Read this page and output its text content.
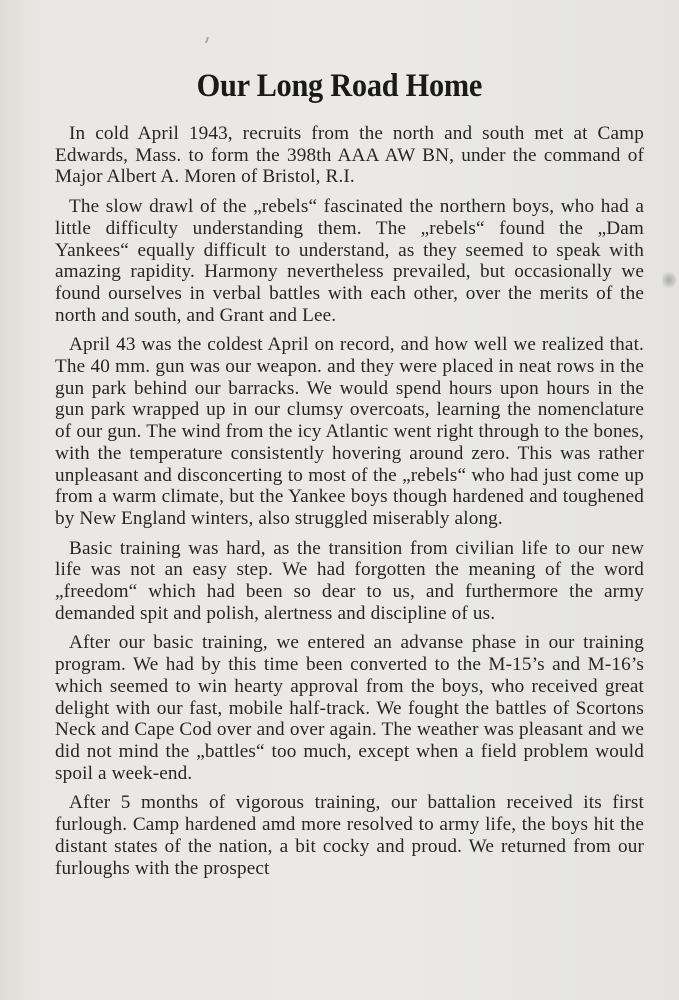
Our Long Road Home

In cold April 1943, recruits from the north and south met at Camp Edwards, Mass. to form the 398th AAA AW BN, under the command of Major Albert A. Moren of Bristol, R.I.

The slow drawl of the „rebels“ fascinated the northern boys, who had a little difficulty understanding them. The „rebels“ found the „Dam Yankees“ equally difficult to understand, as they seemed to speak with amazing rapidity. Harmony nevertheless prevailed, but occasionally we found ourselves in verbal battles with each other, over the merits of the north and south, and Grant and Lee.

April 43 was the coldest April on record, and how well we realized that. The 40 mm. gun was our weapon. and they were placed in neat rows in the gun park behind our barracks. We would spend hours upon hours in the gun park wrapped up in our clumsy overcoats, learning the nomenclature of our gun. The wind from the icy Atlantic went right through to the bones, with the temperature consistently hovering around zero. This was rather unpleasant and disconcerting to most of the „rebels“ who had just come up from a warm climate, but the Yankee boys though hardened and toughened by New England winters, also struggled miserably along.

Basic training was hard, as the transition from civilian life to our new life was not an easy step. We had forgotten the meaning of the word „freedom“ which had been so dear to us, and furthermore the army demanded spit and polish, alertness and discipline of us.

After our basic training, we entered an advanse phase in our training program. We had by this time been converted to the M-15’s and M-16’s which seemed to win hearty approval from the boys, who received great delight with our fast, mobile half-track. We fought the battles of Scortons Neck and Cape Cod over and over again. The weather was pleasant and we did not mind the „battles“ too much, except when a field problem would spoil a week-end.

After 5 months of vigorous training, our battalion received its first furlough. Camp hardened amd more resolved to army life, the boys hit the distant states of the nation, a bit cocky and proud. We returned from our furloughs with the prospect
